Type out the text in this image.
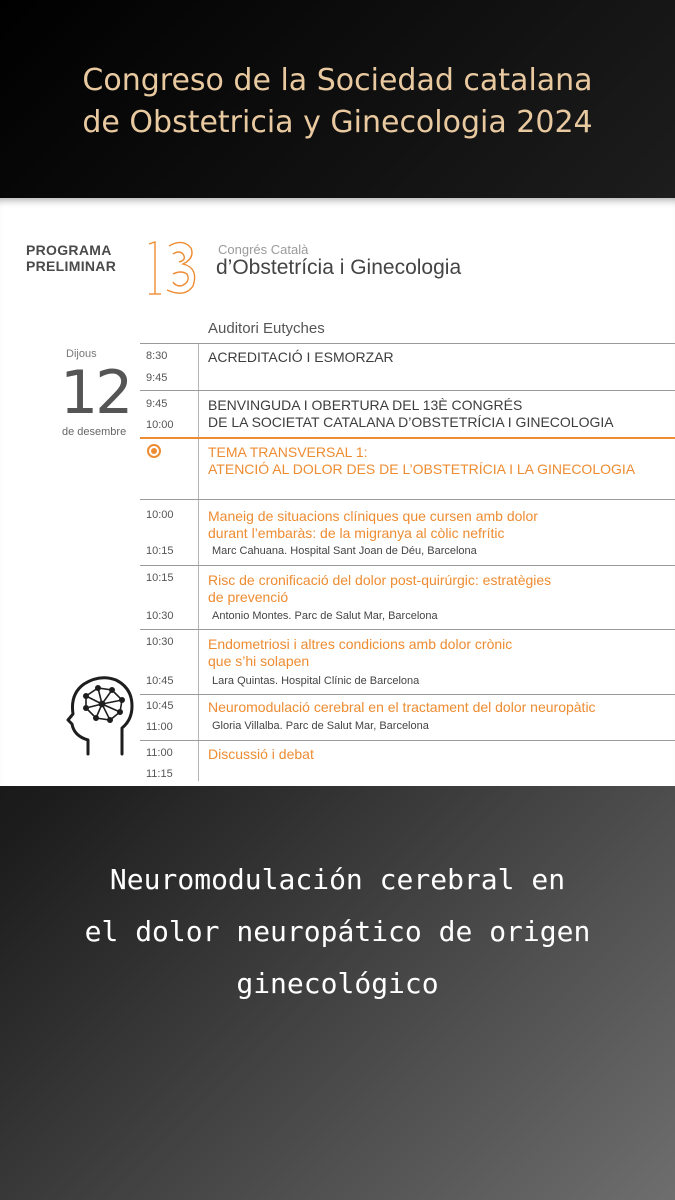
Congreso de la Sociedad catalana
de Obstetricia y Ginecologia 2024
PROGRAMA
PRELIMINAR
Congrés Català
d’Obstetrícia i Ginecologia
Auditori Eutyches
Dijous
12
de desembre
8:30
9:45
ACREDITACIÓ I ESMORZAR
9:45
10:00
BENVINGUDA I OBERTURA DEL 13È CONGRÉS
DE LA SOCIETAT CATALANA D’OBSTETRÍCIA I GINECOLOGIA
TEMA TRANSVERSAL 1:
ATENCIÓ AL DOLOR DES DE L’OBSTETRÍCIA I LA GINECOLOGIA
10:00
10:15
Maneig de situacions clíniques que cursen amb dolor
durant l’embaràs: de la migranya al còlic nefrític
Marc Cahuana. Hospital Sant Joan de Déu, Barcelona
10:15
10:30
Risc de cronificació del dolor post-quirúrgic: estratègies
de prevenció
Antonio Montes. Parc de Salut Mar, Barcelona
10:30
10:45
Endometriosi i altres condicions amb dolor crònic
que s’hi solapen
Lara Quintas. Hospital Clínic de Barcelona
10:45
11:00
Neuromodulació cerebral en el tractament del dolor neuropàtic
Gloria Villalba. Parc de Salut Mar, Barcelona
11:00
11:15
Discussió i debat
Neuromodulación cerebral en
el dolor neuropático de origen
ginecológico
